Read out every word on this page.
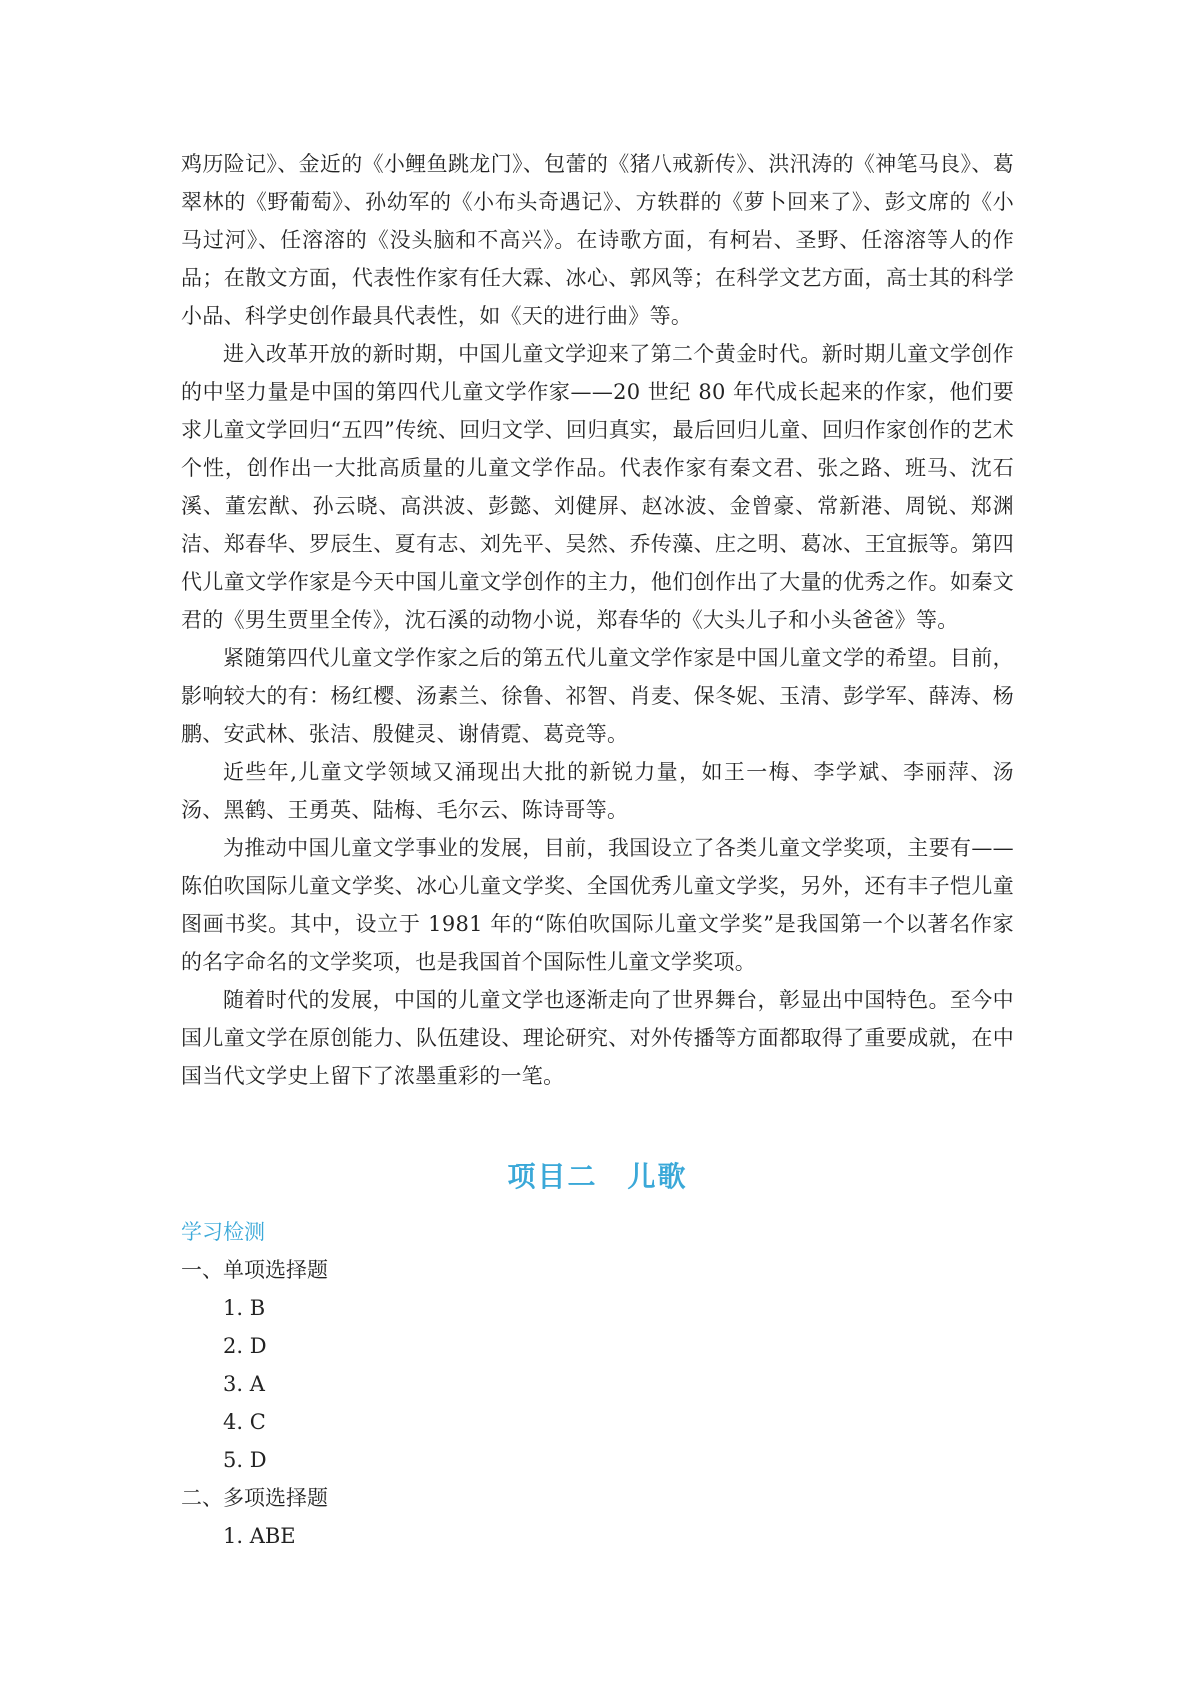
鸡历险记》、金近的《小鲤鱼跳龙门》、包蕾的《猪八戒新传》、洪汛涛的《神笔马良》、葛翠林的《野葡萄》、孙幼军的《小布头奇遇记》、方轶群的《萝卜回来了》、彭文席的《小马过河》、任溶溶的《没头脑和不高兴》。在诗歌方面，有柯岩、圣野、任溶溶等人的作品；在散文方面，代表性作家有任大霖、冰心、郭风等；在科学文艺方面，高士其的科学小品、科学史创作最具代表性，如《天的进行曲》等。

进入改革开放的新时期，中国儿童文学迎来了第二个黄金时代。新时期儿童文学创作的中坚力量是中国的第四代儿童文学作家——20 世纪 80 年代成长起来的作家，他们要求儿童文学回归“五四”传统、回归文学、回归真实，最后回归儿童、回归作家创作的艺术个性，创作出一大批高质量的儿童文学作品。代表作家有秦文君、张之路、班马、沈石溪、董宏猷、孙云晓、高洪波、彭懿、刘健屏、赵冰波、金曾豪、常新港、周锐、郑渊洁、郑春华、罗辰生、夏有志、刘先平、吴然、乔传藻、庄之明、葛冰、王宜振等。第四代儿童文学作家是今天中国儿童文学创作的主力，他们创作出了大量的优秀之作。如秦文君的《男生贾里全传》，沈石溪的动物小说，郑春华的《大头儿子和小头爸爸》等。

紧随第四代儿童文学作家之后的第五代儿童文学作家是中国儿童文学的希望。目前，影响较大的有：杨红樱、汤素兰、徐鲁、祁智、肖麦、保冬妮、玉清、彭学军、薛涛、杨鹏、安武林、张洁、殷健灵、谢倩霓、葛竞等。

近些年,儿童文学领域又涌现出大批的新锐力量，如王一梅、李学斌、李丽萍、汤汤、黑鹤、王勇英、陆梅、毛尔云、陈诗哥等。

为推动中国儿童文学事业的发展，目前，我国设立了各类儿童文学奖项，主要有——陈伯吹国际儿童文学奖、冰心儿童文学奖、全国优秀儿童文学奖，另外，还有丰子恺儿童图画书奖。其中，设立于 1981 年的“陈伯吹国际儿童文学奖”是我国第一个以著名作家的名字命名的文学奖项，也是我国首个国际性儿童文学奖项。

随着时代的发展，中国的儿童文学也逐渐走向了世界舞台，彰显出中国特色。至今中国儿童文学在原创能力、队伍建设、理论研究、对外传播等方面都取得了重要成就，在中国当代文学史上留下了浓墨重彩的一笔。

项目二　儿歌

学习检测

一、单项选择题

1. B

2. D

3. A

4. C

5. D

二、多项选择题

1. ABE
